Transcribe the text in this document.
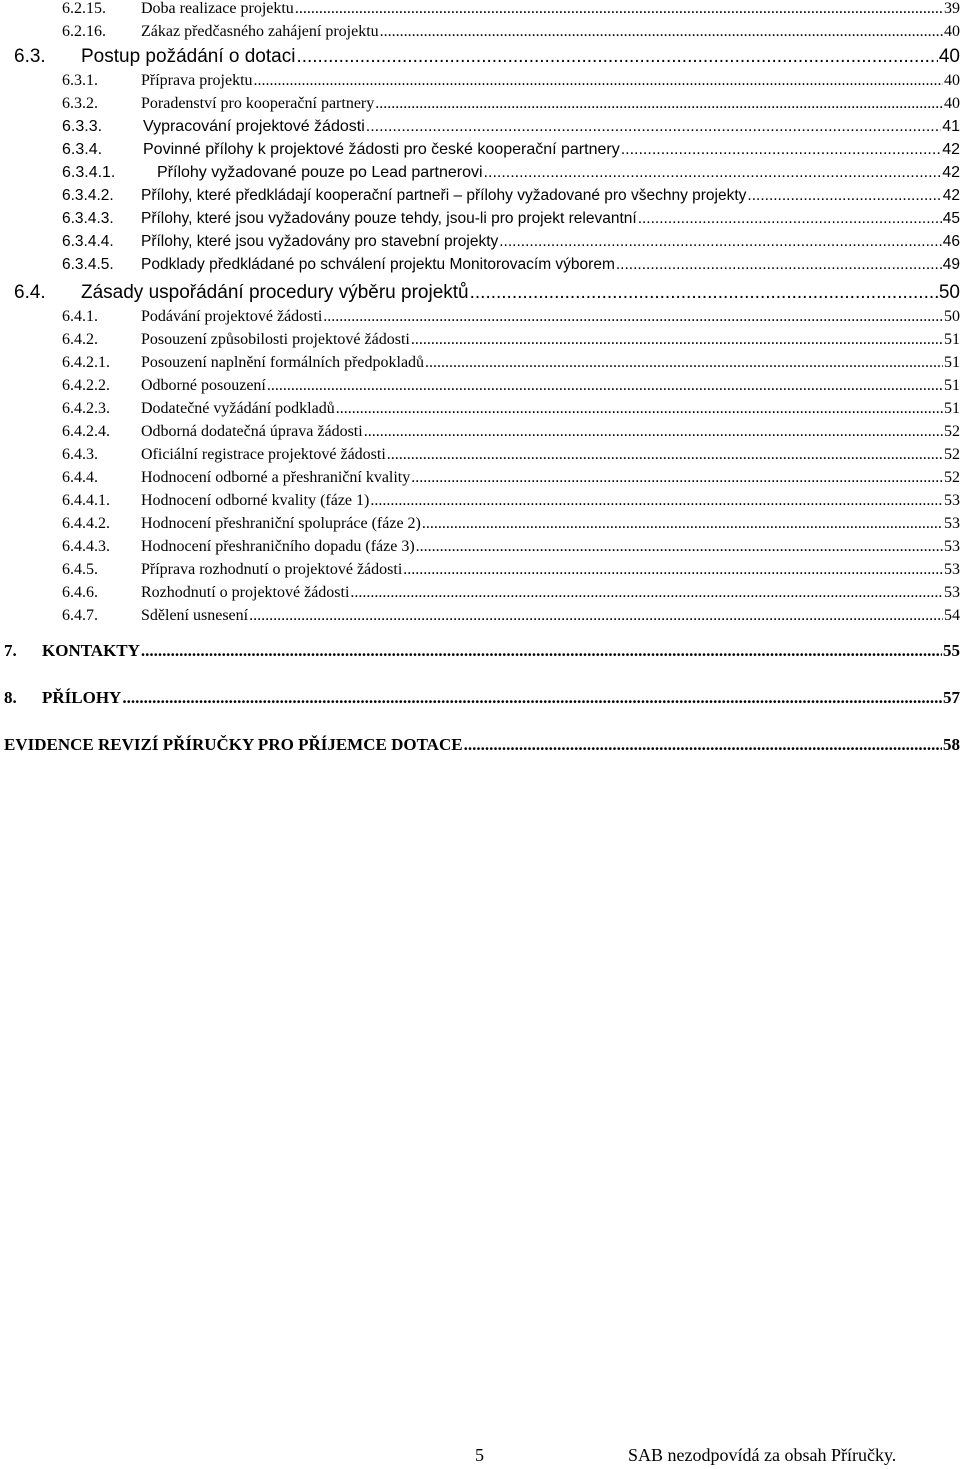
6.2.15.	Doba realizace projektu .....	39
6.2.16.	Zákaz předčasného zahájení projektu .....	40
6.3.	Postup požádání o dotaci .....	40
6.3.1.	Příprava projektu .....	40
6.3.2.	Poradenství pro kooperační partnery .....	40
6.3.3.	Vypracování projektové žádosti .....	41
6.3.4.	Povinné přílohy k projektové žádosti pro české kooperační partnery .....	42
6.3.4.1.	Přílohy vyžadované pouze po Lead partnerovi .....	42
6.3.4.2.	Přílohy, které předkládají kooperační partneři – přílohy vyžadované pro všechny projekty .....	42
6.3.4.3.	Přílohy, které jsou vyžadovány pouze tehdy, jsou-li pro projekt relevantní .....	45
6.3.4.4.	Přílohy, které jsou vyžadovány pro stavební projekty .....	46
6.3.4.5.	Podklady předkládané po schválení projektu Monitorovacím výborem .....	49
6.4.	Zásady uspořádání procedury výběru projektů .....	50
6.4.1.	Podávání projektové žádosti .....	50
6.4.2.	Posouzení způsobilosti projektové žádosti .....	51
6.4.2.1.	Posouzení naplnění formálních předpokladů .....	51
6.4.2.2.	Odborné posouzení .....	51
6.4.2.3.	Dodatečné vyžádání podkladů .....	51
6.4.2.4.	Odborná dodatečná úprava žádosti .....	52
6.4.3.	Oficiální registrace projektové žádosti .....	52
6.4.4.	Hodnocení odborné a přeshraniční kvality .....	52
6.4.4.1.	Hodnocení odborné kvality (fáze 1) .....	53
6.4.4.2.	Hodnocení přeshraniční spolupráce (fáze 2) .....	53
6.4.4.3.	Hodnocení přeshraničního dopadu (fáze 3) .....	53
6.4.5.	Příprava rozhodnutí o projektové žádosti .....	53
6.4.6.	Rozhodnutí o projektové žádosti .....	53
6.4.7.	Sdělení usnesení .....	54
7.	KONTAKTY .....	55
8.	PŘÍLOHY .....	57
EVIDENCE REVIZÍ PŘÍRUČKY PRO PŘÍJEMCE DOTACE .....	58
5	SAB nezodpovídá za obsah Příručky.
